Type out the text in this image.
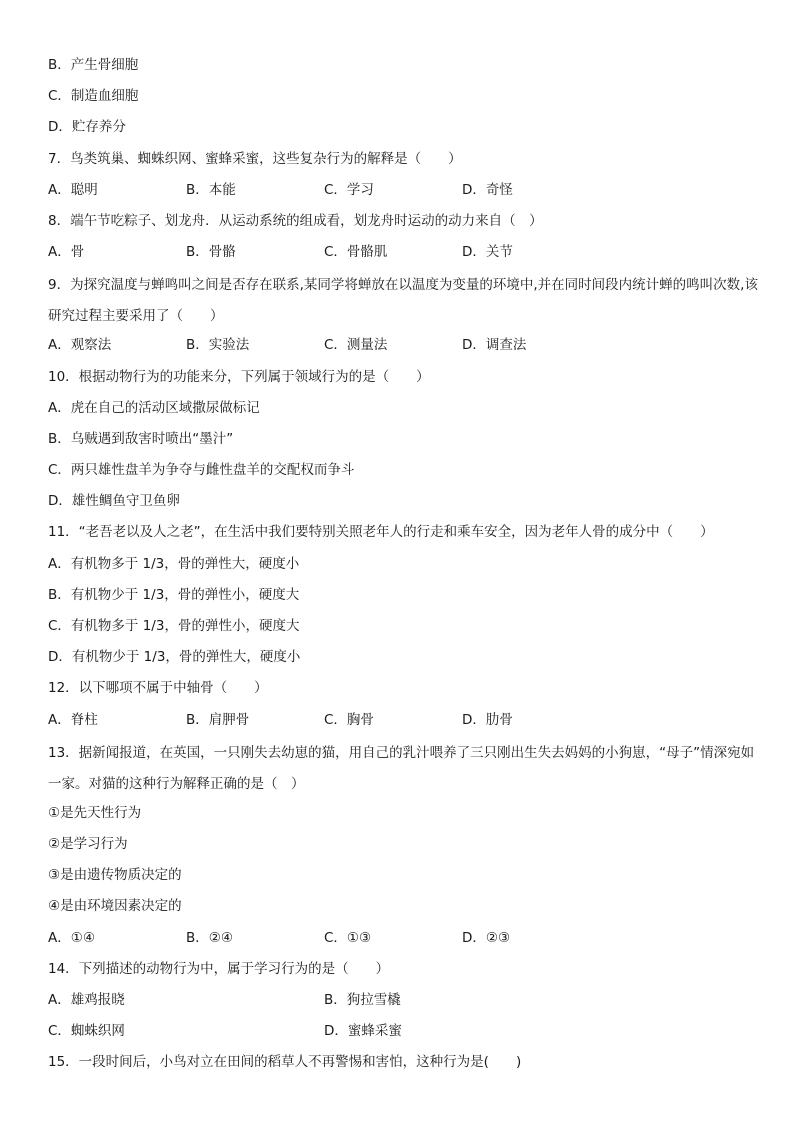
B．产生骨细胞
C．制造血细胞
D．贮存养分
7．鸟类筑巢、蜘蛛织网、蜜蜂采蜜，这些复杂行为的解释是（　　）
A．聪明	B．本能	C．学习	D．奇怪
8．端午节吃粽子、划龙舟．从运动系统的组成看，划龙舟时运动的动力来自（　）
A．骨	B．骨骼	C．骨骼肌	D．关节
9．为探究温度与蝉鸣叫之间是否存在联系,某同学将蝉放在以温度为变量的环境中,并在同时间段内统计蝉的鸣叫次数,该研究过程主要采用了（　　）
A．观察法	B．实验法	C．测量法	D．调查法
10．根据动物行为的功能来分，下列属于领域行为的是（　　）
A．虎在自己的活动区域撒尿做标记
B．乌贼遇到敌害时喷出“墨汁”
C．两只雄性盘羊为争夺与雌性盘羊的交配权而争斗
D．雄性鲷鱼守卫鱼卵
11．“老吾老以及人之老”，在生活中我们要特别关照老年人的行走和乘车安全，因为老年人骨的成分中（　　）
A．有机物多于 1/3，骨的弹性大，硬度小
B．有机物少于 1/3，骨的弹性小，硬度大
C．有机物多于 1/3，骨的弹性小，硬度大
D．有机物少于 1/3，骨的弹性大，硬度小
12．以下哪项不属于中轴骨（　　）
A．脊柱	B．肩胛骨	C．胸骨	D．肋骨
13．据新闻报道，在英国，一只刚失去幼崽的猫，用自己的乳汁喂养了三只刚出生失去妈妈的小狗崽，“母子”情深宛如一家。对猫的这种行为解释正确的是（　）
①是先天性行为
②是学习行为
③是由遗传物质决定的
④是由环境因素决定的
A．①④	B．②④	C．①③	D．②③
14．下列描述的动物行为中，属于学习行为的是（　　）
A．雄鸡报晓	B．狗拉雪橇
C．蜘蛛织网	D．蜜蜂采蜜
15．一段时间后，小鸟对立在田间的稻草人不再警惕和害怕，这种行为是(　　)
